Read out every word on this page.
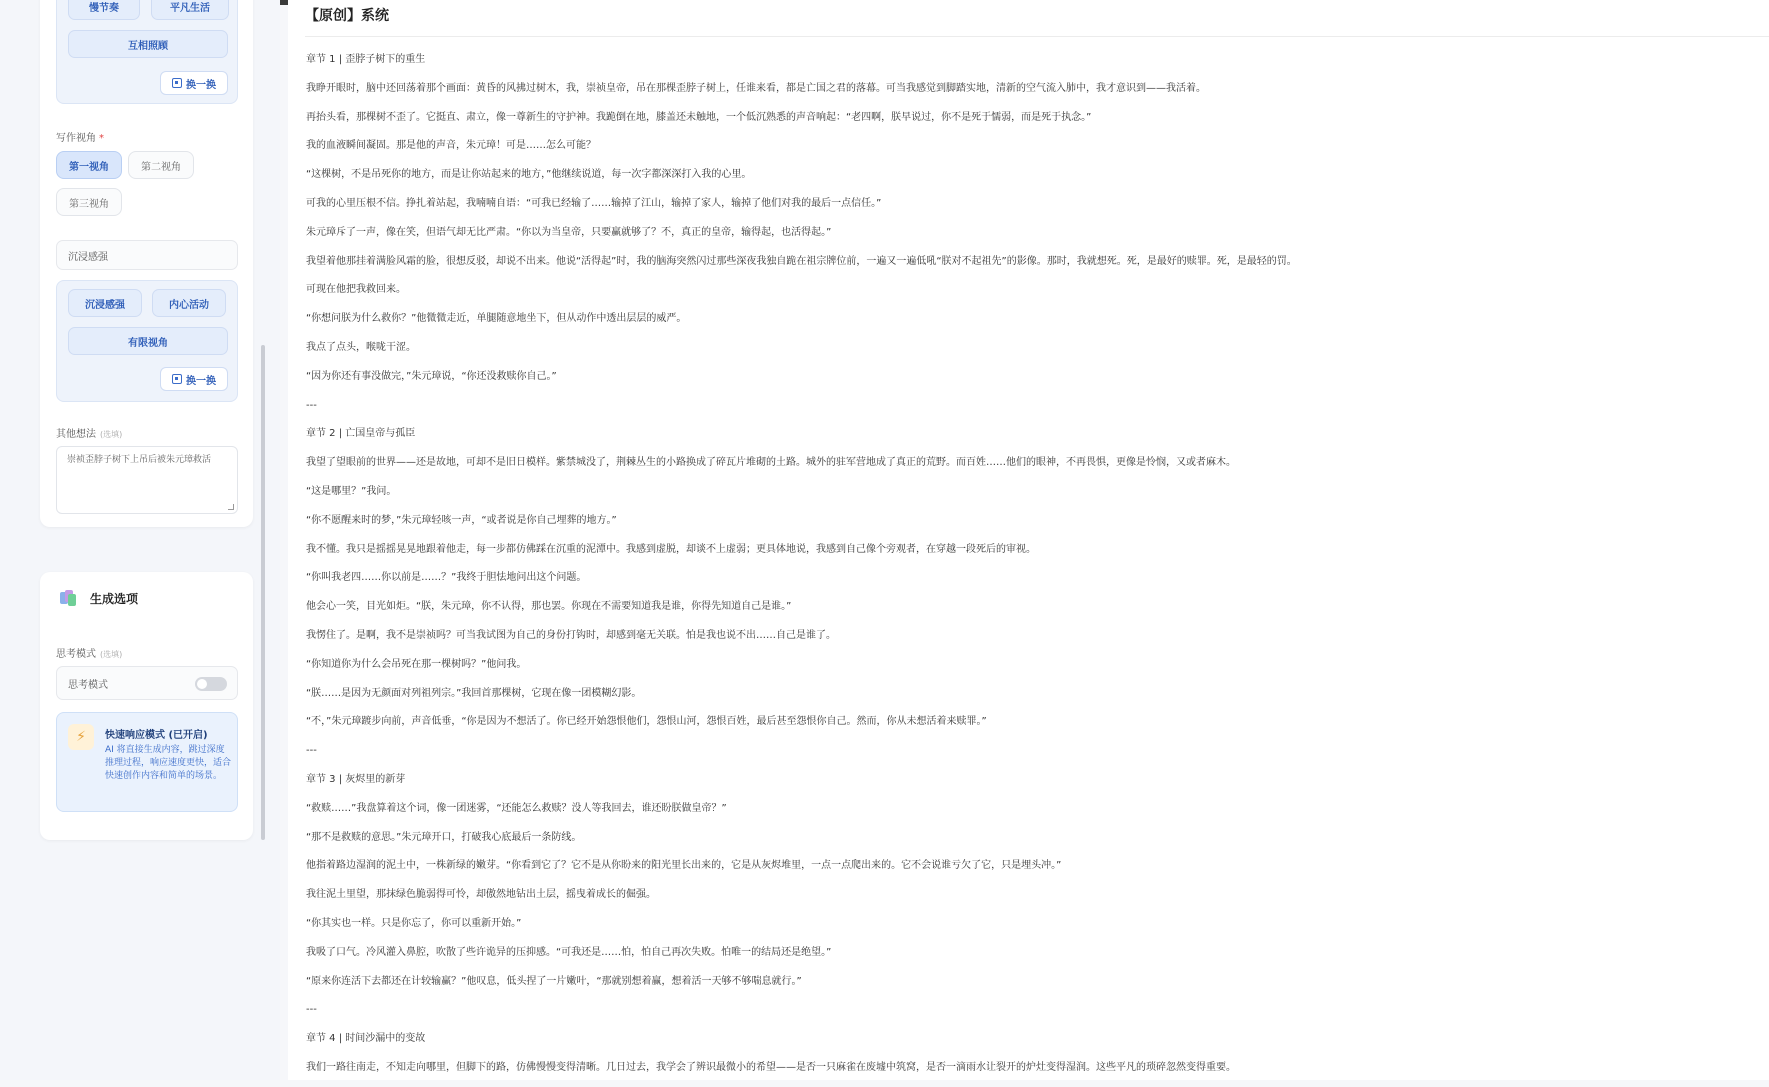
慢节奏	平凡生活
互相照顾
换一换
写作视角 *
第一视角	第二视角
第三视角
沉浸感强
沉浸感强	内心活动
有限视角
换一换
其他想法 (选填)
崇祯歪脖子树下上吊后被朱元璋救活
生成选项
思考模式 (选填)
思考模式
⚡	快速响应模式 (已开启)
AI 将直接生成内容，跳过深度推理过程，响应速度更快，适合快速创作内容和简单的场景。
【原创】系统
章节 1 | 歪脖子树下的重生
我睁开眼时，脑中还回荡着那个画面：黄昏的风拂过树木，我，崇祯皇帝，吊在那棵歪脖子树上，任谁来看，都是亡国之君的落幕。可当我感觉到脚踏实地，清新的空气流入肺中，我才意识到——我活着。
再抬头看，那棵树不歪了。它挺直、肃立，像一尊新生的守护神。我跪倒在地，膝盖还未触地，一个低沉熟悉的声音响起：“老四啊，朕早说过，你不是死于懦弱，而是死于执念。”
我的血液瞬间凝固。那是他的声音，朱元璋！可是……怎么可能？
“这棵树，不是吊死你的地方，而是让你站起来的地方，”他继续说道，每一次字都深深打入我的心里。
可我的心里压根不信。挣扎着站起，我喃喃自语：“可我已经输了……输掉了江山，输掉了家人，输掉了他们对我的最后一点信任。”
朱元璋斥了一声，像在笑，但语气却无比严肃。“你以为当皇帝，只要赢就够了？不，真正的皇帝，输得起，也活得起。”
我望着他那挂着满脸风霜的脸，很想反驳，却说不出来。他说“活得起”时，我的脑海突然闪过那些深夜我独自跪在祖宗牌位前，一遍又一遍低吼“朕对不起祖先”的影像。那时，我就想死。死，是最好的赎罪。死，是最轻的罚。
可现在他把我救回来。
“你想问朕为什么救你？”他微微走近，单腿随意地坐下，但从动作中透出层层的威严。
我点了点头，喉咙干涩。
“因为你还有事没做完，”朱元璋说，“你还没救赎你自己。”
---
章节 2 | 亡国皇帝与孤臣
我望了望眼前的世界——还是故地，可却不是旧日模样。紫禁城没了，荆棘丛生的小路换成了碎瓦片堆砌的土路。城外的驻军营地成了真正的荒野。而百姓……他们的眼神，不再畏惧，更像是怜悯，又或者麻木。
“这是哪里？”我问。
“你不愿醒来时的梦，”朱元璋轻咳一声，“或者说是你自己埋葬的地方。”
我不懂。我只是摇摇晃晃地跟着他走，每一步都仿佛踩在沉重的泥潭中。我感到虚脱，却谈不上虚弱；更具体地说，我感到自己像个旁观者，在穿越一段死后的审视。
“你叫我老四……你以前是……？”我终于胆怯地问出这个问题。
他会心一笑，目光如炬。“朕，朱元璋，你不认得，那也罢。你现在不需要知道我是谁，你得先知道自己是谁。”
我愣住了。是啊，我不是崇祯吗？可当我试图为自己的身份打钩时，却感到毫无关联。怕是我也说不出……自己是谁了。
“你知道你为什么会吊死在那一棵树吗？”他问我。
“朕……是因为无颜面对列祖列宗。”我回首那棵树，它现在像一团模糊幻影。
“不，”朱元璋踱步向前，声音低垂，“你是因为不想活了。你已经开始怨恨他们，怨恨山河，怨恨百姓，最后甚至怨恨你自己。然而，你从未想活着来赎罪。”
---
章节 3 | 灰烬里的新芽
“救赎……”我盘算着这个词，像一团迷雾，“还能怎么救赎？没人等我回去，谁还盼朕做皇帝？”
“那不是救赎的意思。”朱元璋开口，打破我心底最后一条防线。
他指着路边湿润的泥土中，一株新绿的嫩芽。“你看到它了？它不是从你盼来的阳光里长出来的，它是从灰烬堆里，一点一点爬出来的。它不会说谁亏欠了它，只是埋头冲。”
我往泥土里望，那抹绿色脆弱得可怜，却傲然地钻出土层，摇曳着成长的倔强。
“你其实也一样。只是你忘了，你可以重新开始。”
我吸了口气。冷风灌入鼻腔，吹散了些许诡异的压抑感。“可我还是……怕，怕自己再次失败。怕唯一的结局还是绝望。”
“原来你连活下去都还在计较输赢？”他叹息，低头捏了一片嫩叶，“那就别想着赢，想着活一天够不够喘息就行。”
---
章节 4 | 时间沙漏中的变故
我们一路往南走，不知走向哪里，但脚下的路，仿佛慢慢变得清晰。几日过去，我学会了辨识最微小的希望——是否一只麻雀在废墟中筑窝，是否一滴雨水让裂开的炉灶变得湿润。这些平凡的琐碎忽然变得重要。
